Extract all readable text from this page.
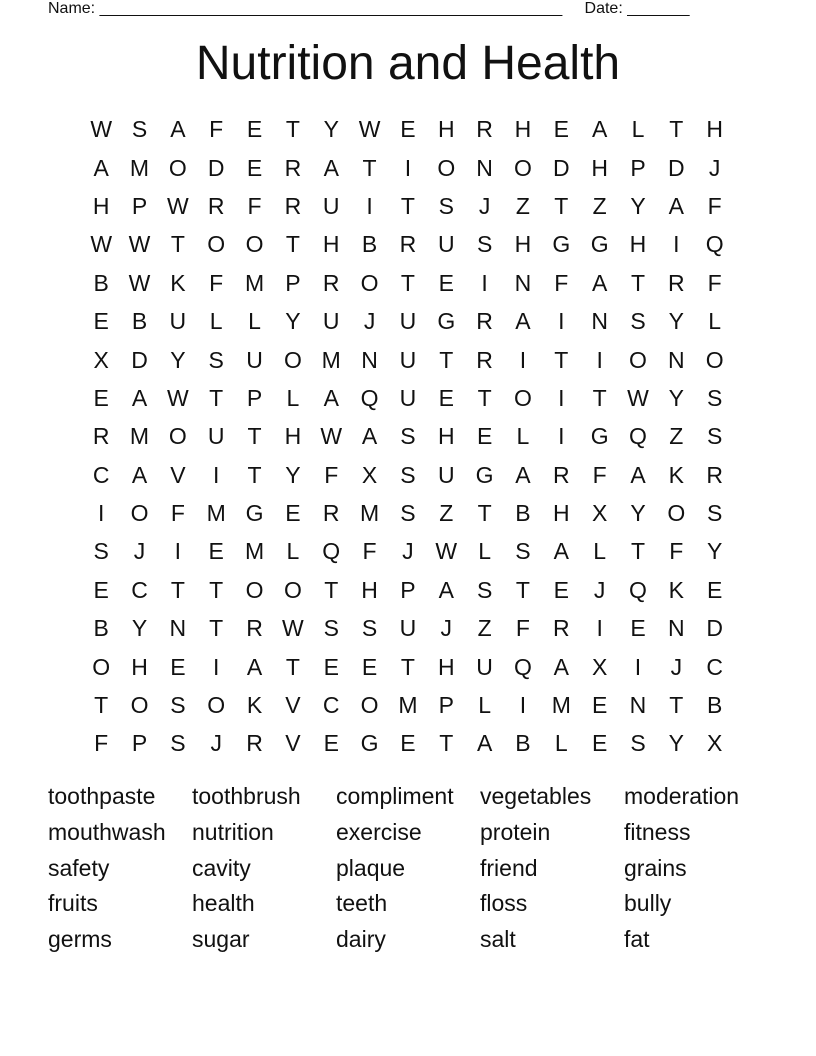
Name: ____________________________________________________     Date: _______
Nutrition and Health
W S	A	F	E	T	Y W E H R H E	A	L	T	H
A M O D E R A	T	I	O N O D H P D	J
H P W R	F	R U	I	T	S	J	Z	T	Z	Y	A	F
W W T O O T	H B R U S H G G H	I	Q
B W K	F M P R O T	E	I	N	F	A	T	R	F
E	B U	L	L	Y U	J	U G R A	I	N S	Y	L
X D Y	S U O M N U	T	R	I	T	I	O N O
E	A W T	P	L	A Q U E	T O	I	T W Y	S
R M O U	T	H W A	S H E	L	I	G Q Z	S
C A	V	I	T	Y	F	X	S U G A R	F	A	K R
I	O F M G E R M S	Z	T	B H X	Y O S
S	J	I	E M L	Q F	J W L	S	A	L	T	F	Y
E C	T	T O O T	H P	A	S	T	E	J	Q K	E
B	Y N	T	R W S	S U	J	Z	F	R	I	E N D
O H E	I	A	T	E	E	T	H U Q A	X	I	J	C
T O S O K	V C O M P	L	I	M E N	T	B
F	P	S	J	R V	E G E	T	A	B	L	E	S	Y	X
toothpaste	toothbrush	compliment	vegetables	moderation
mouthwash	nutrition	exercise	protein	fitness
safety	cavity	plaque	friend	grains
fruits	health	teeth	floss	bully
germs	sugar	dairy	salt	fat
